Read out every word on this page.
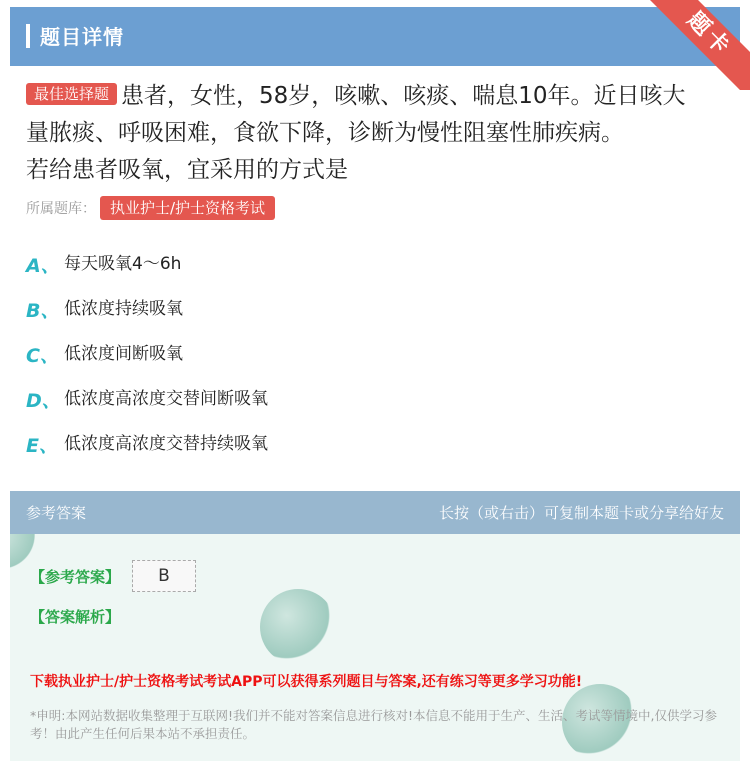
题目详情	题卡
最佳选择题 患者，女性，58岁，咳嗽、咳痰、喘息10年。近日咳大
量脓痰、呼吸困难，食欲下降，诊断为慢性阻塞性肺疾病。
若给患者吸氧，宜采用的方式是
所属题库： 执业护士/护士资格考试
A、 每天吸氧4～6h
B、 低浓度持续吸氧
C、 低浓度间断吸氧
D、 低浓度高浓度交替间断吸氧
E、 低浓度高浓度交替持续吸氧
参考答案	长按（或右击）可复制本题卡或分享给好友
【参考答案】	B
【答案解析】
下载执业护士/护士资格考试考试APP可以获得系列题目与答案,还有练习等更多学习功能!
*申明:本网站数据收集整理于互联网!我们并不能对答案信息进行核对!本信息不能用于生产、生活、考试等情境中,仅供学习参考！由此产生任何后果本站不承担责任。
